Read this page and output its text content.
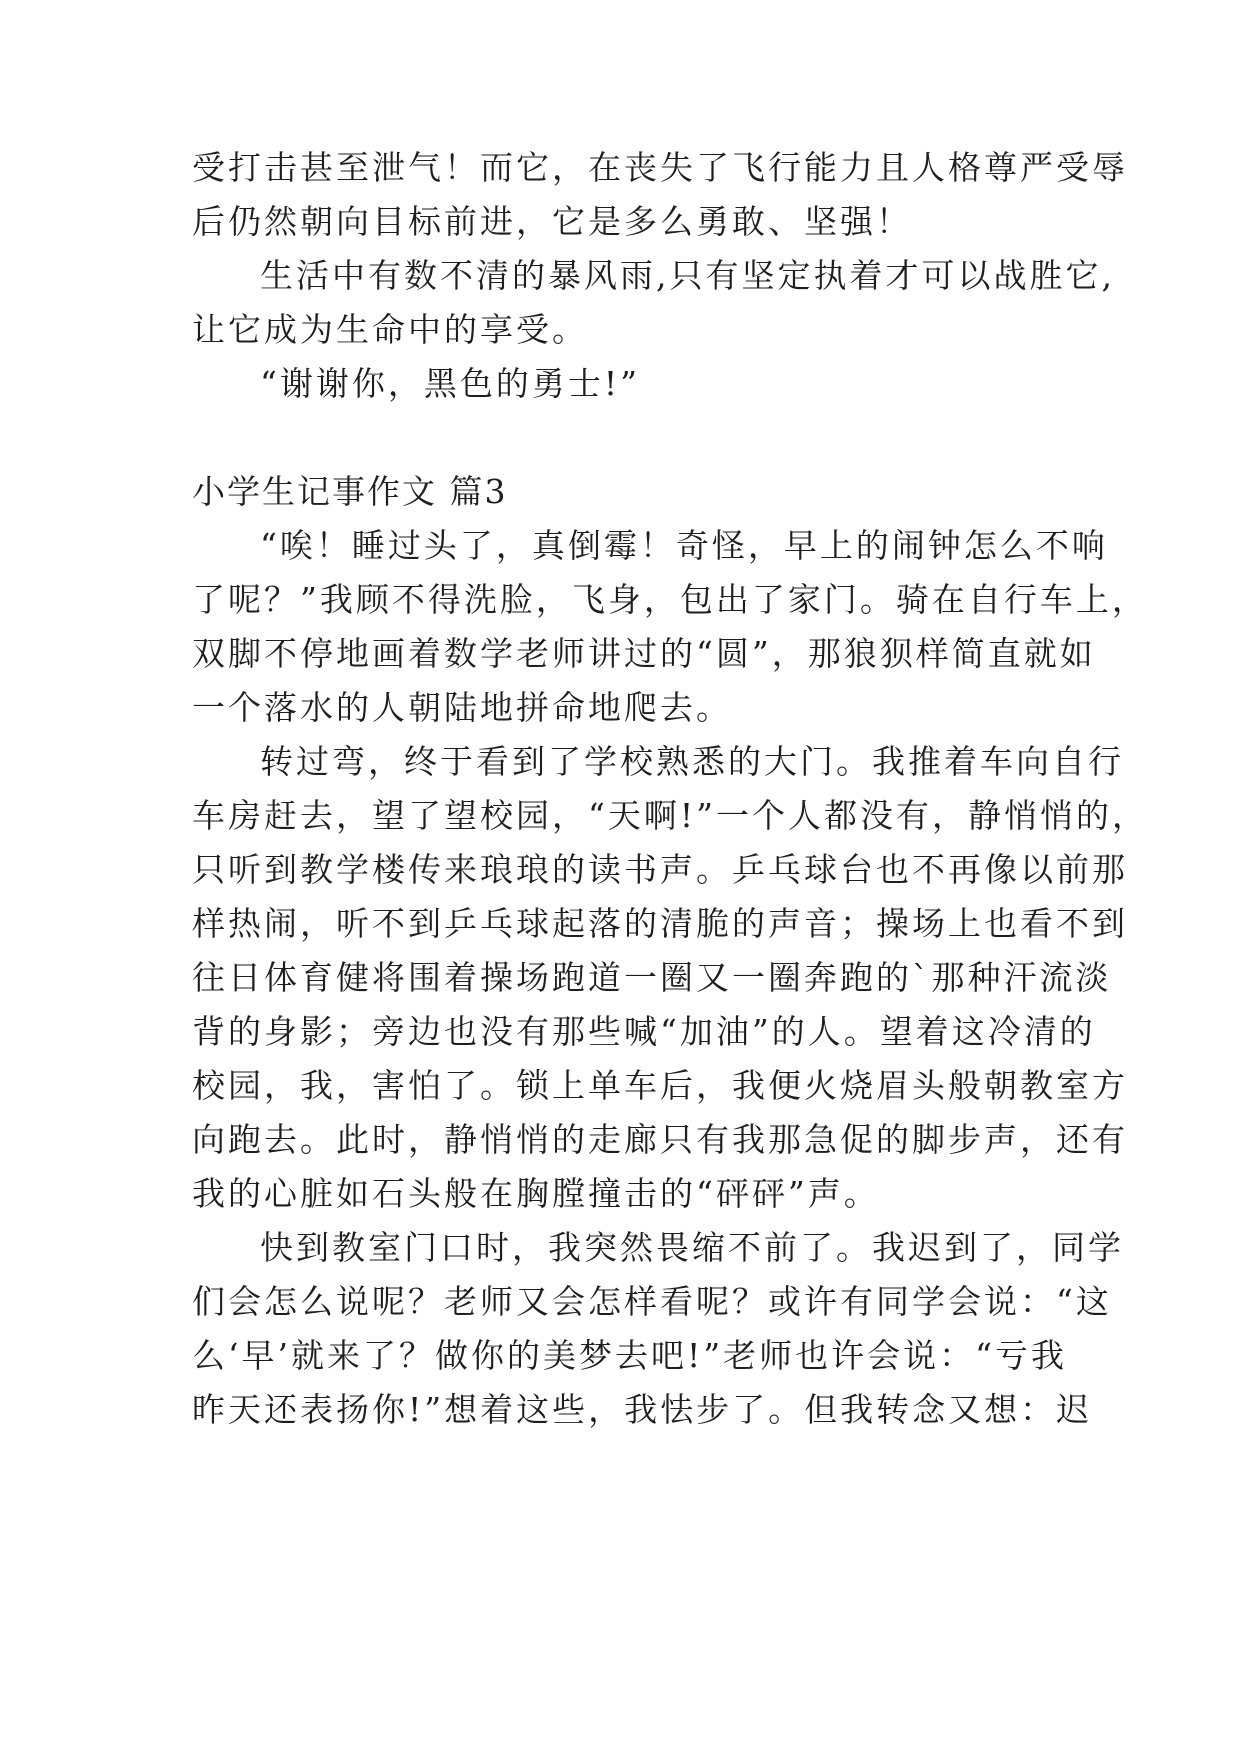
受打击甚至泄气！而它，在丧失了飞行能力且人格尊严受辱
后仍然朝向目标前进，它是多么勇敢、坚强！
生活中有数不清的暴风雨,只有坚定执着才可以战胜它,
让它成为生命中的享受。
“谢谢你，黑色的勇士!”
小学生记事作文 篇3
“唉！睡过头了，真倒霉！奇怪，早上的闹钟怎么不响
了呢？”我顾不得洗脸，飞身，包出了家门。骑在自行车上，
双脚不停地画着数学老师讲过的“圆”，那狼狈样简直就如
一个落水的人朝陆地拼命地爬去。
转过弯，终于看到了学校熟悉的大门。我推着车向自行
车房赶去，望了望校园，“天啊!”一个人都没有，静悄悄的，
只听到教学楼传来琅琅的读书声。乒乓球台也不再像以前那
样热闹，听不到乒乓球起落的清脆的声音；操场上也看不到
往日体育健将围着操场跑道一圈又一圈奔跑的`那种汗流淡
背的身影；旁边也没有那些喊“加油”的人。望着这冷清的
校园，我，害怕了。锁上单车后，我便火烧眉头般朝教室方
向跑去。此时，静悄悄的走廊只有我那急促的脚步声，还有
我的心脏如石头般在胸膛撞击的“砰砰”声。
快到教室门口时，我突然畏缩不前了。我迟到了，同学
们会怎么说呢？老师又会怎样看呢？或许有同学会说：“这
么‘早’就来了？做你的美梦去吧!”老师也许会说：“亏我
昨天还表扬你!”想着这些，我怯步了。但我转念又想：迟
